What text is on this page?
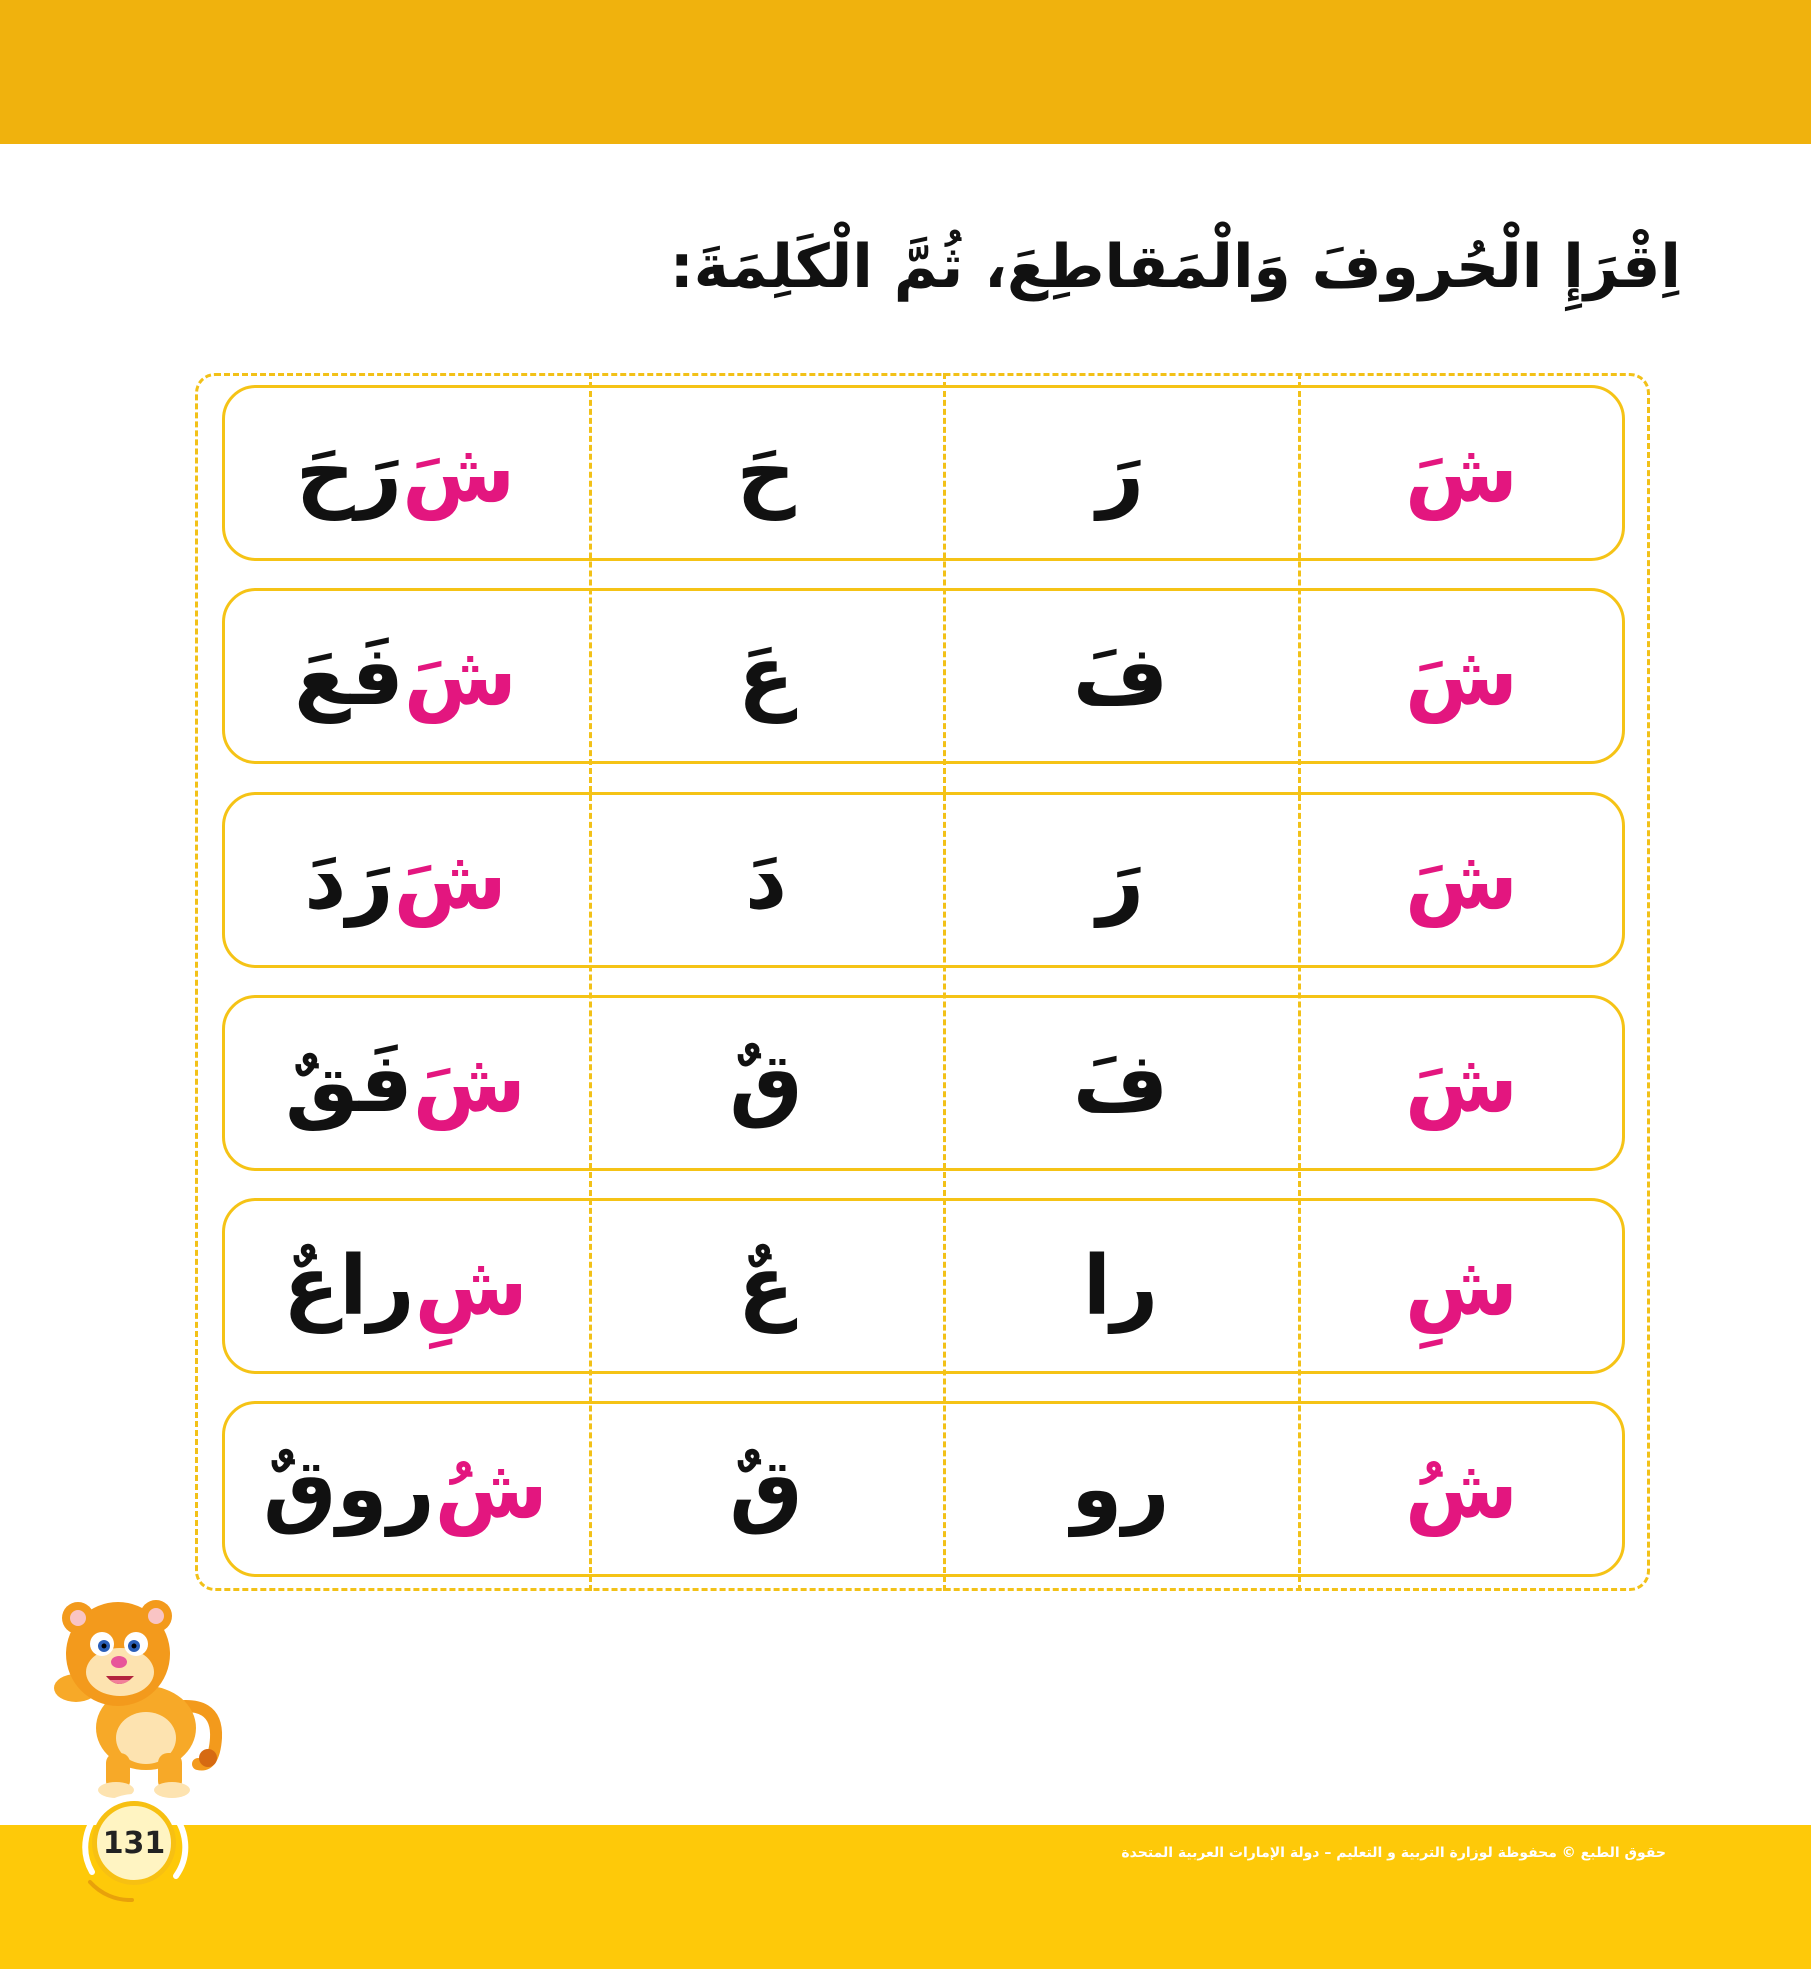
اِقْرَإِ الْحُروفَ وَالْمَقاطِعَ، ثُمَّ الْكَلِمَةَ:
شَ
رَ
حَ
شَ
رَحَ
شَ
فَ
عَ
شَ
فَعَ
شَ
رَ
دَ
شَ
رَدَ
شَ
فَ
قٌ
شَ
فَقٌ
شِ
را
عٌ
شِ
راعٌ
شُ
رو
قٌ
شُ
روقٌ
131	حقوق الطبع © محفوظة لوزارة التربية و التعليم – دولة الإمارات العربية المتحدة
